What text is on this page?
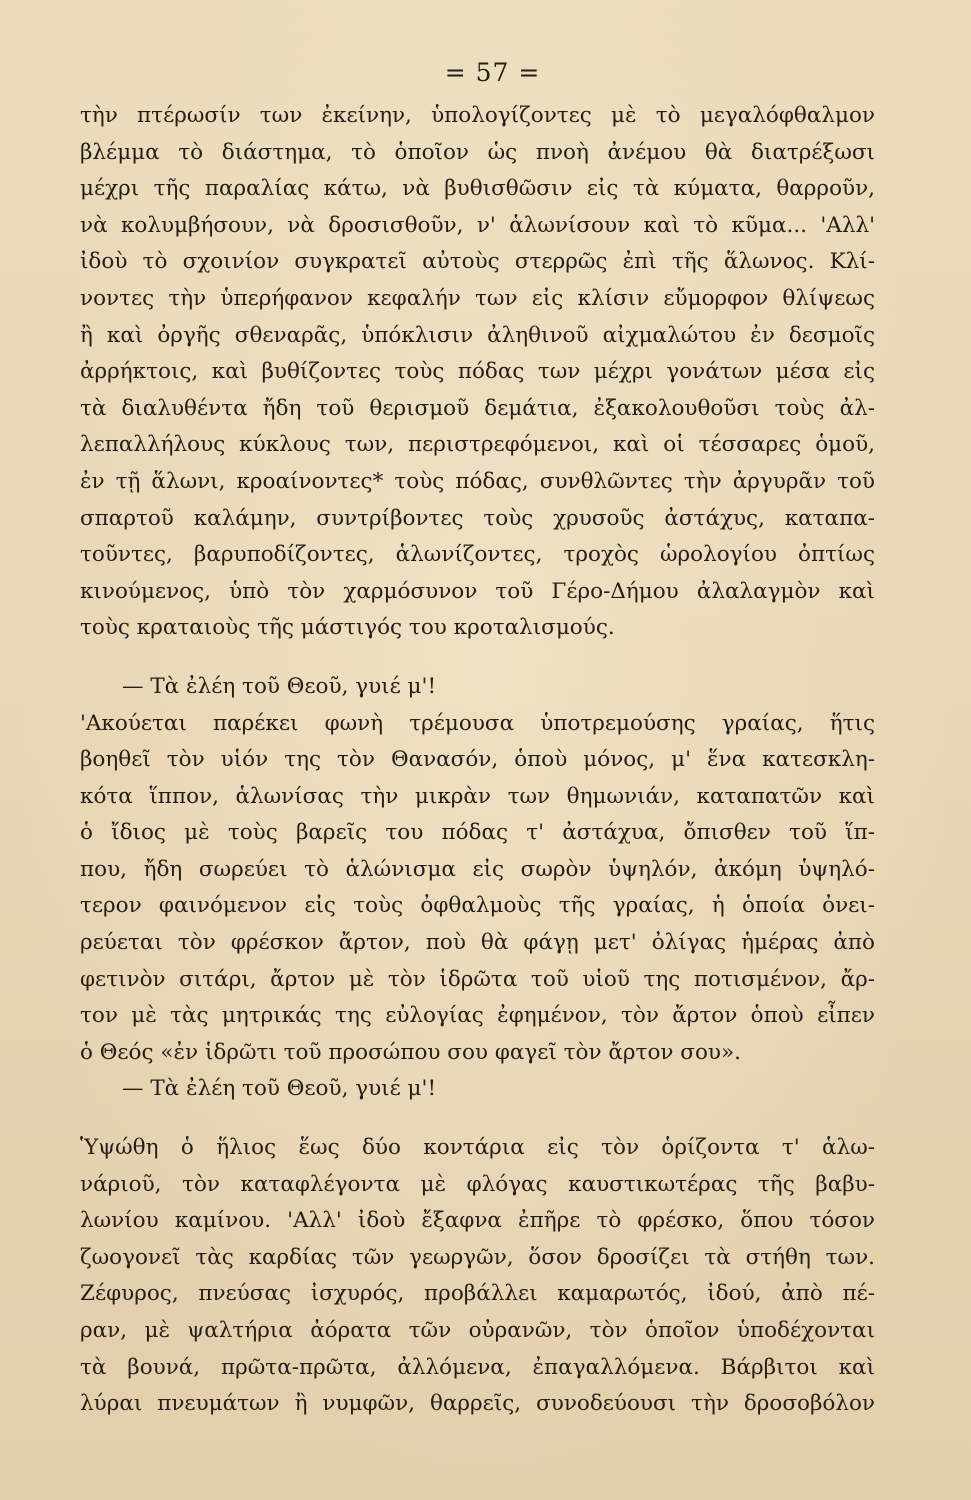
= 57 =
τὴν πτέρωσίν των ἐκείνην, ὑπολογίζοντες μὲ τὸ μεγαλόφθαλμον
βλέμμα τὸ διάστημα, τὸ ὁποῖον ὡς πνοὴ ἀνέμου θὰ διατρέξωσι
μέχρι τῆς παραλίας κάτω, νὰ βυθισθῶσιν εἰς τὰ κύματα, θαρροῦν,
νὰ κολυμβήσουν, νὰ δροσισθοῦν, ν' ἁλωνίσουν καὶ τὸ κῦμα... 'Αλλ'
ἰδοὺ τὸ σχοινίον συγκρατεῖ αὐτοὺς στερρῶς ἐπὶ τῆς ἅλωνος. Κλί-
νοντες τὴν ὑπερήφανον κεφαλήν των εἰς κλίσιν εὔμορφον θλίψεως
ἢ καὶ ὀργῆς σθεναρᾶς, ὑπόκλισιν ἀληθινοῦ αἰχμαλώτου ἐν δεσμοῖς
ἀρρήκτοις, καὶ βυθίζοντες τοὺς πόδας των μέχρι γονάτων μέσα εἰς
τὰ διαλυθέντα ἤδη τοῦ θερισμοῦ δεμάτια, ἐξακολουθοῦσι τοὺς ἀλ-
λεπαλλήλους κύκλους των, περιστρεφόμενοι, καὶ οἱ τέσσαρες ὁμοῦ,
ἐν τῇ ἅλωνι, κροαίνοντες* τοὺς πόδας, συνθλῶντες τὴν ἀργυρᾶν τοῦ
σπαρτοῦ καλάμην, συντρίβοντες τοὺς χρυσοῦς ἀστάχυς, καταπα-
τοῦντες, βαρυποδίζοντες, ἁλωνίζοντες, τροχὸς ὡρολογίου ὀπτίως
κινούμενος, ὑπὸ τὸν χαρμόσυνον τοῦ Γέρο-Δήμου ἀλαλαγμὸν καὶ
τοὺς κραταιοὺς τῆς μάστιγός του κροταλισμούς.
— Τὰ ἐλέη τοῦ Θεοῦ, γυιέ μ'!
'Ακούεται παρέκει φωνὴ τρέμουσα ὑποτρεμούσης γραίας, ἥτις
βοηθεῖ τὸν υἱόν της τὸν Θανασόν, ὁποὺ μόνος, μ' ἕνα κατεσκλη-
κότα ἵππον, ἁλωνίσας τὴν μικρὰν των θημωνιάν, καταπατῶν καὶ
ὁ ἴδιος μὲ τοὺς βαρεῖς του πόδας τ' ἀστάχυα, ὄπισθεν τοῦ ἵπ-
που, ἤδη σωρεύει τὸ ἁλώνισμα εἰς σωρὸν ὑψηλόν, ἀκόμη ὑψηλό-
τερον φαινόμενον εἰς τοὺς ὀφθαλμοὺς τῆς γραίας, ἡ ὁποία ὀνει-
ρεύεται τὸν φρέσκον ἄρτον, ποὺ θὰ φάγῃ μετ' ὀλίγας ἡμέρας ἀπὸ
φετινὸν σιτάρι, ἄρτον μὲ τὸν ἱδρῶτα τοῦ υἱοῦ της ποτισμένον, ἄρ-
τον μὲ τὰς μητρικάς της εὐλογίας ἐφημένον, τὸν ἄρτον ὁποὺ εἶπεν
ὁ Θεός «ἐν ἱδρῶτι τοῦ προσώπου σου φαγεῖ τὸν ἄρτον σου».
— Τὰ ἐλέη τοῦ Θεοῦ, γυιέ μ'!
Ὑψώθη ὁ ἥλιος ἕως δύο κοντάρια εἰς τὸν ὁρίζοντα τ' ἁλω-
νάριοῦ, τὸν καταφλέγοντα μὲ φλόγας καυστικωτέρας τῆς βαβυ-
λωνίου καμίνου. 'Αλλ' ἰδοὺ ἔξαφνα ἐπῆρε τὸ φρέσκο, ὅπου τόσον
ζωογονεῖ τὰς καρδίας τῶν γεωργῶν, ὅσον δροσίζει τὰ στήθη των.
Ζέφυρος, πνεύσας ἰσχυρός, προβάλλει καμαρωτός, ἰδού, ἀπὸ πέ-
ραν, μὲ ψαλτήρια ἀόρατα τῶν οὐρανῶν, τὸν ὁποῖον ὑποδέχονται
τὰ βουνά, πρῶτα-πρῶτα, ἀλλόμενα, ἐπαγαλλόμενα. Βάρβιτοι καὶ
λύραι πνευμάτων ἢ νυμφῶν, θαρρεῖς, συνοδεύουσι τὴν δροσοβόλον
